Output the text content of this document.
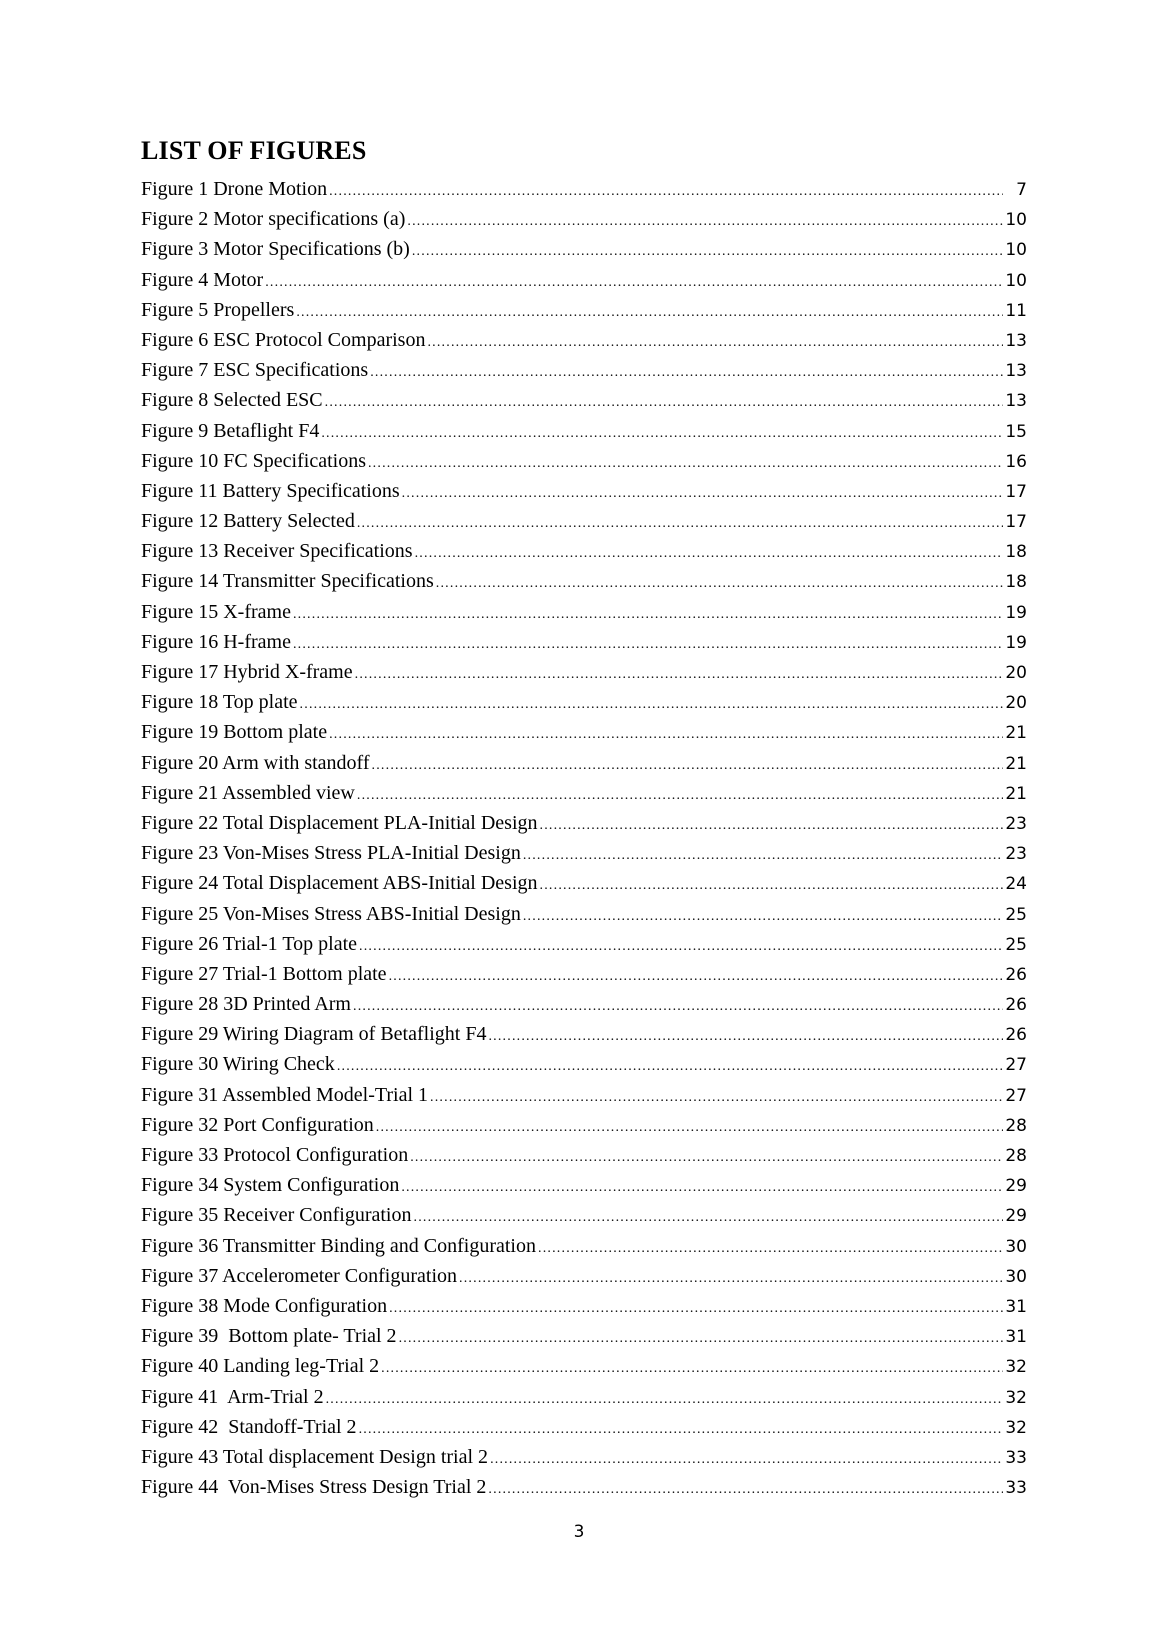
LIST OF FIGURES
Figure 1 Drone Motion .....	7
Figure 2 Motor specifications (a) .....	10
Figure 3 Motor Specifications (b) .....	10
Figure 4 Motor .....	10
Figure 5 Propellers .....	11
Figure 6 ESC Protocol Comparison .....	13
Figure 7 ESC Specifications .....	13
Figure 8 Selected ESC .....	13
Figure 9 Betaflight F4 .....	15
Figure 10 FC Specifications .....	16
Figure 11 Battery Specifications .....	17
Figure 12 Battery Selected .....	17
Figure 13 Receiver Specifications .....	18
Figure 14 Transmitter Specifications .....	18
Figure 15 X-frame .....	19
Figure 16 H-frame .....	19
Figure 17 Hybrid X-frame .....	20
Figure 18 Top plate .....	20
Figure 19 Bottom plate .....	21
Figure 20 Arm with standoff .....	21
Figure 21 Assembled view .....	21
Figure 22 Total Displacement PLA-Initial Design .....	23
Figure 23 Von-Mises Stress PLA-Initial Design .....	23
Figure 24 Total Displacement ABS-Initial Design .....	24
Figure 25 Von-Mises Stress ABS-Initial Design .....	25
Figure 26 Trial-1 Top plate .....	25
Figure 27 Trial-1 Bottom plate .....	26
Figure 28 3D Printed Arm .....	26
Figure 29 Wiring Diagram of Betaflight F4 .....	26
Figure 30 Wiring Check .....	27
Figure 31 Assembled Model-Trial 1 .....	27
Figure 32 Port Configuration .....	28
Figure 33 Protocol Configuration .....	28
Figure 34 System Configuration .....	29
Figure 35 Receiver Configuration .....	29
Figure 36 Transmitter Binding and Configuration .....	30
Figure 37 Accelerometer Configuration .....	30
Figure 38 Mode Configuration .....	31
Figure 39  Bottom plate- Trial 2 .....	31
Figure 40 Landing leg-Trial 2 .....	32
Figure 41  Arm-Trial 2 .....	32
Figure 42  Standoff-Trial 2 .....	32
Figure 43 Total displacement Design trial 2 .....	33
Figure 44  Von-Mises Stress Design Trial 2 .....	33
3
